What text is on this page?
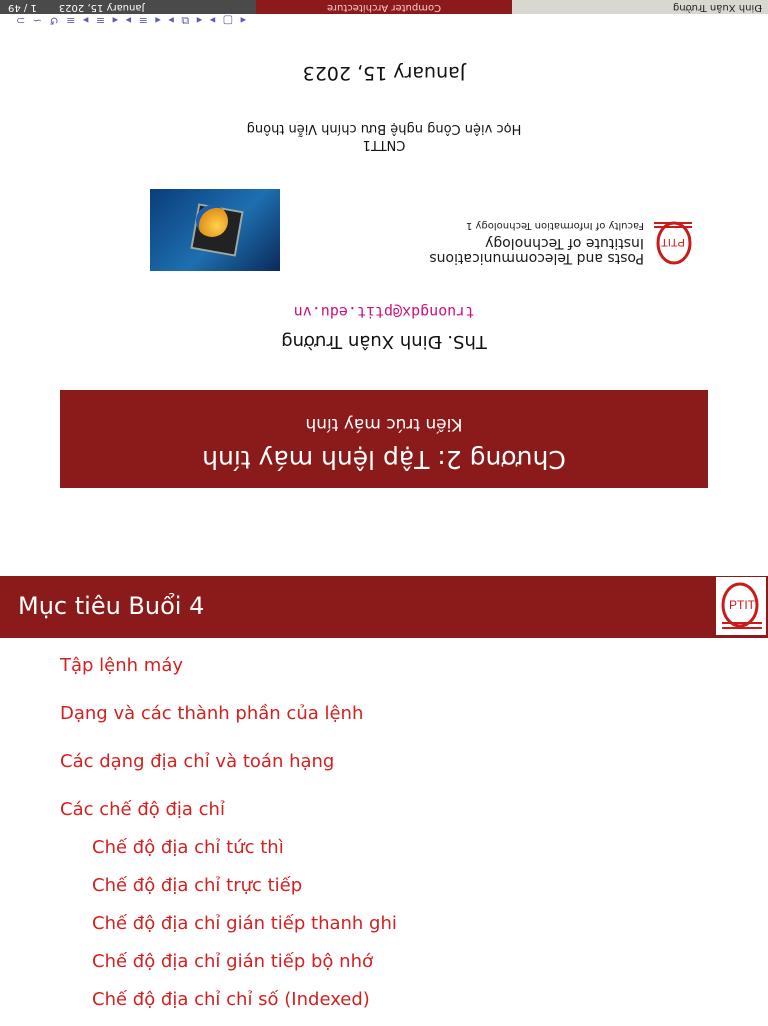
Chương 2: Tập lệnh máy tính
Kiến trúc máy tính
ThS. Đinh Xuân Trường
truongdx@ptit.edu.vn
PTIT
Posts and Telecommunications
Institute of Technology
Faculty of Information Technology 1
CNTT1
Học viện Công nghệ Bưu chính Viễn thông
January 15, 2023
◂ ▢ ▸ ◂ ⧉ ▸ ◂ ≡ ▸ ◂ ≡ ▸ ≡ ↺ ∽ ⊃
Đinh Xuân Trường
Computer Architecture
January 15, 2023
1 / 49
Mục tiêu Buổi 4	PTIT
Tập lệnh máy
Dạng và các thành phần của lệnh
Các dạng địa chỉ và toán hạng
Các chế độ địa chỉ
Chế độ địa chỉ tức thì
Chế độ địa chỉ trực tiếp
Chế độ địa chỉ gián tiếp thanh ghi
Chế độ địa chỉ gián tiếp bộ nhớ
Chế độ địa chỉ chỉ số (Indexed)
